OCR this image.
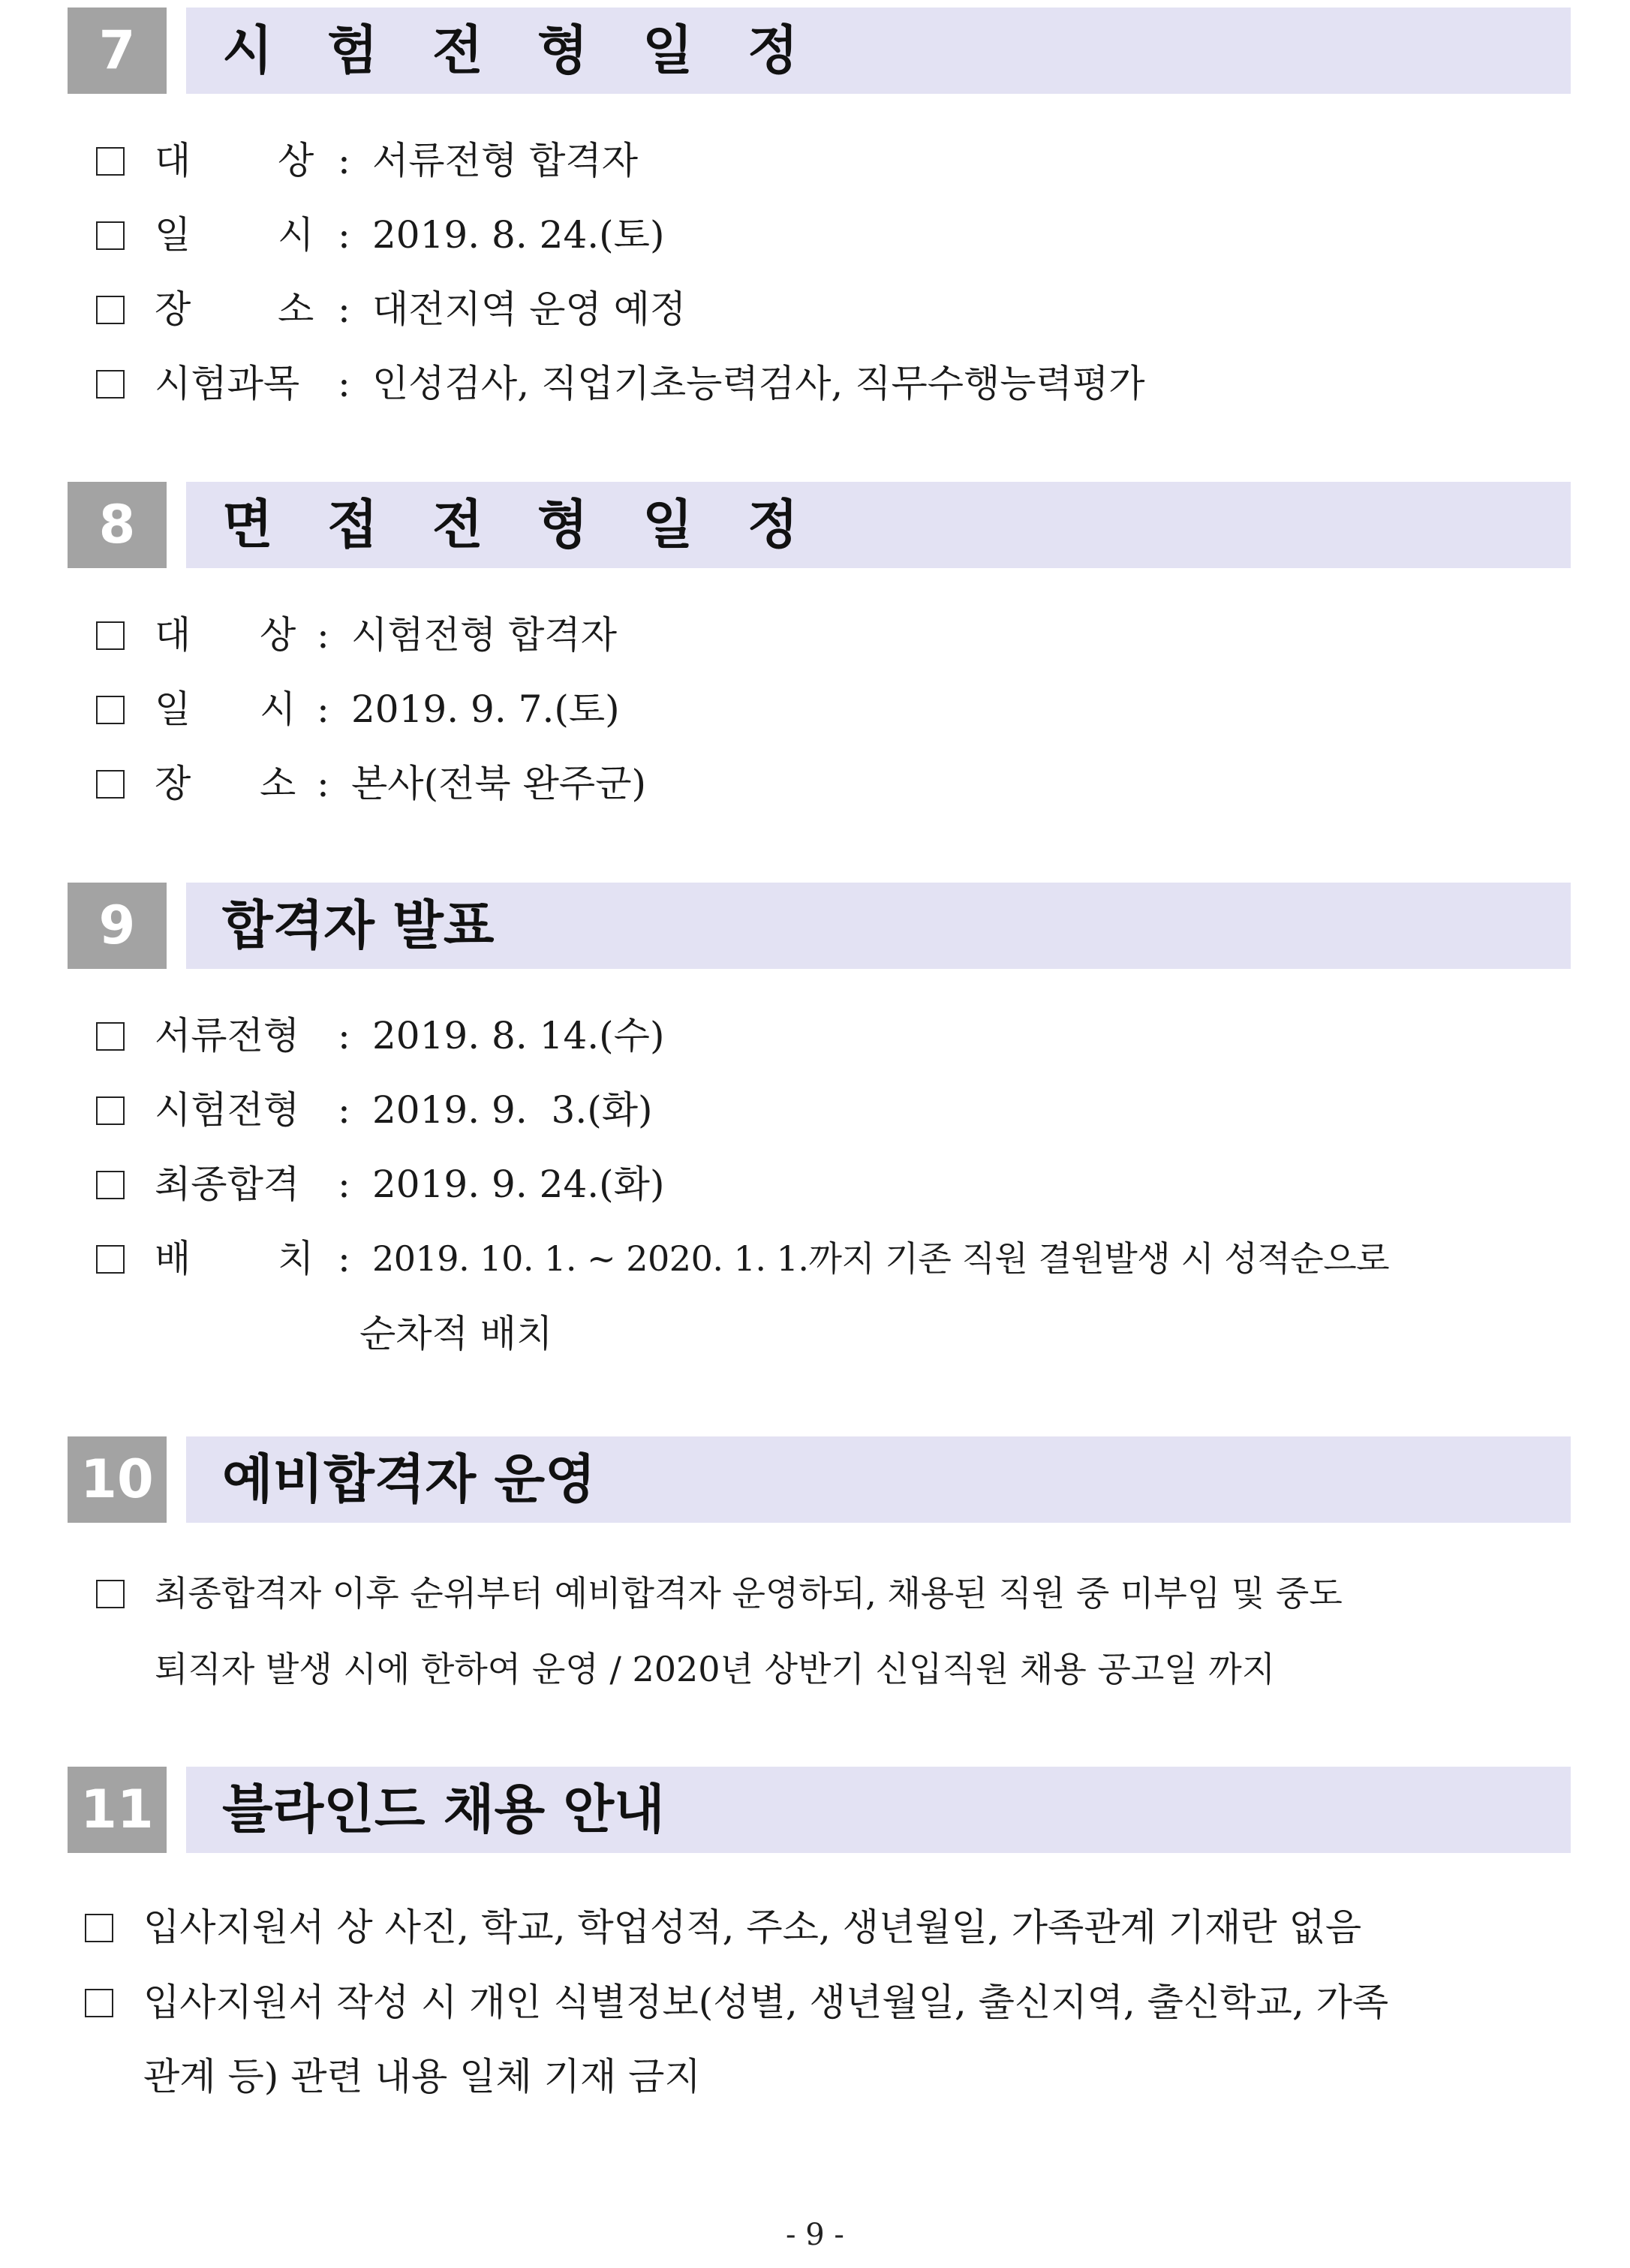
7	시 험 전 형 일 정
대 상 : 서류전형 합격자
일 시 : 2019. 8. 24.(토)
장 소 : 대전지역 운영 예정
시험과목 : 인성검사, 직업기초능력검사, 직무수행능력평가
8	면 접 전 형 일 정
대 상 : 시험전형 합격자
일 시 : 2019. 9. 7.(토)
장 소 : 본사(전북 완주군)
9	합격자 발표
서류전형 : 2019. 8. 14.(수)
시험전형 : 2019. 9.  3.(화)
최종합격 : 2019. 9. 24.(화)
배 치 : 2019. 10. 1. ~ 2020. 1. 1.까지 기존 직원 결원발생 시 성적순으로
순차적 배치
10 예비합격자 운영
최종합격자 이후 순위부터 예비합격자 운영하되, 채용된 직원 중 미부임 및 중도
퇴직자 발생 시에 한하여 운영 / 2020년 상반기 신입직원 채용 공고일 까지
11 블라인드 채용 안내
입사지원서 상 사진, 학교, 학업성적, 주소, 생년월일, 가족관계 기재란 없음
입사지원서 작성 시 개인 식별정보(성별, 생년월일, 출신지역, 출신학교, 가족
관계 등) 관련 내용 일체 기재 금지
- 9 -
